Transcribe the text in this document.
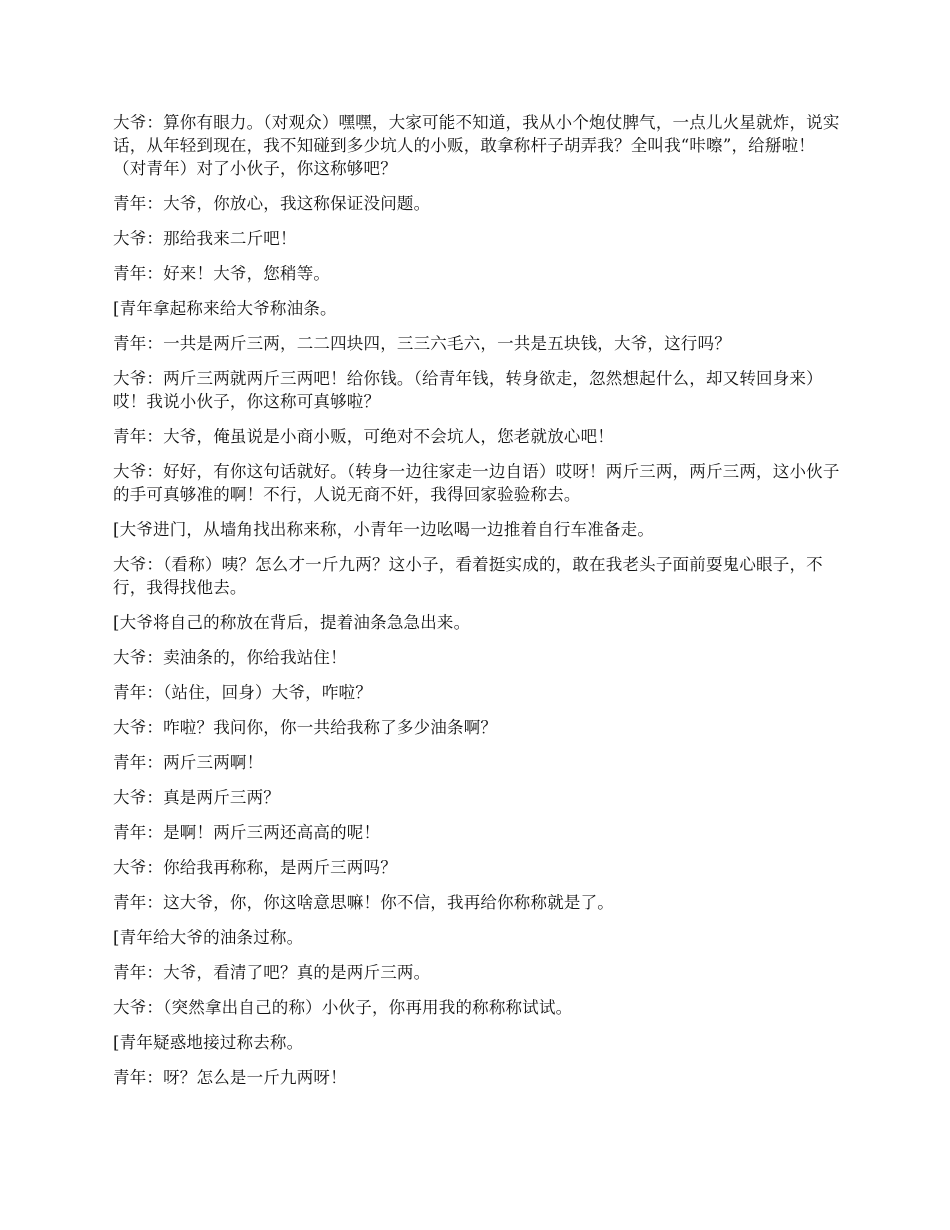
大爷：算你有眼力。（对观众）嘿嘿，大家可能不知道，我从小个炮仗脾气，一点儿火星就炸，说实话，从年轻到现在，我不知碰到多少坑人的小贩，敢拿称杆子胡弄我？全叫我“咔嚓”，给掰啦！（对青年）对了小伙子，你这称够吧？

青年：大爷，你放心，我这称保证没问题。

大爷：那给我来二斤吧！

青年：好来！大爷，您稍等。

[青年拿起称来给大爷称油条。

青年：一共是两斤三两，二二四块四，三三六毛六，一共是五块钱，大爷，这行吗？

大爷：两斤三两就两斤三两吧！给你钱。（给青年钱，转身欲走，忽然想起什么，却又转回身来）哎！我说小伙子，你这称可真够啦？

青年：大爷，俺虽说是小商小贩，可绝对不会坑人，您老就放心吧！

大爷：好好，有你这句话就好。（转身一边往家走一边自语）哎呀！两斤三两，两斤三两，这小伙子的手可真够准的啊！不行，人说无商不奸，我得回家验验称去。

[大爷进门，从墙角找出称来称，小青年一边吆喝一边推着自行车准备走。

大爷：（看称）咦？怎么才一斤九两？这小子，看着挺实成的，敢在我老头子面前耍鬼心眼子，不行，我得找他去。

[大爷将自己的称放在背后，提着油条急急出来。

大爷：卖油条的，你给我站住！

青年：（站住，回身）大爷，咋啦？

大爷：咋啦？我问你，你一共给我称了多少油条啊？

青年：两斤三两啊！

大爷：真是两斤三两？

青年：是啊！两斤三两还高高的呢！

大爷：你给我再称称，是两斤三两吗？

青年：这大爷，你，你这啥意思嘛！你不信，我再给你称称就是了。

[青年给大爷的油条过称。

青年：大爷，看清了吧？真的是两斤三两。

大爷：（突然拿出自己的称）小伙子，你再用我的称称称试试。

[青年疑惑地接过称去称。

青年：呀？怎么是一斤九两呀！
